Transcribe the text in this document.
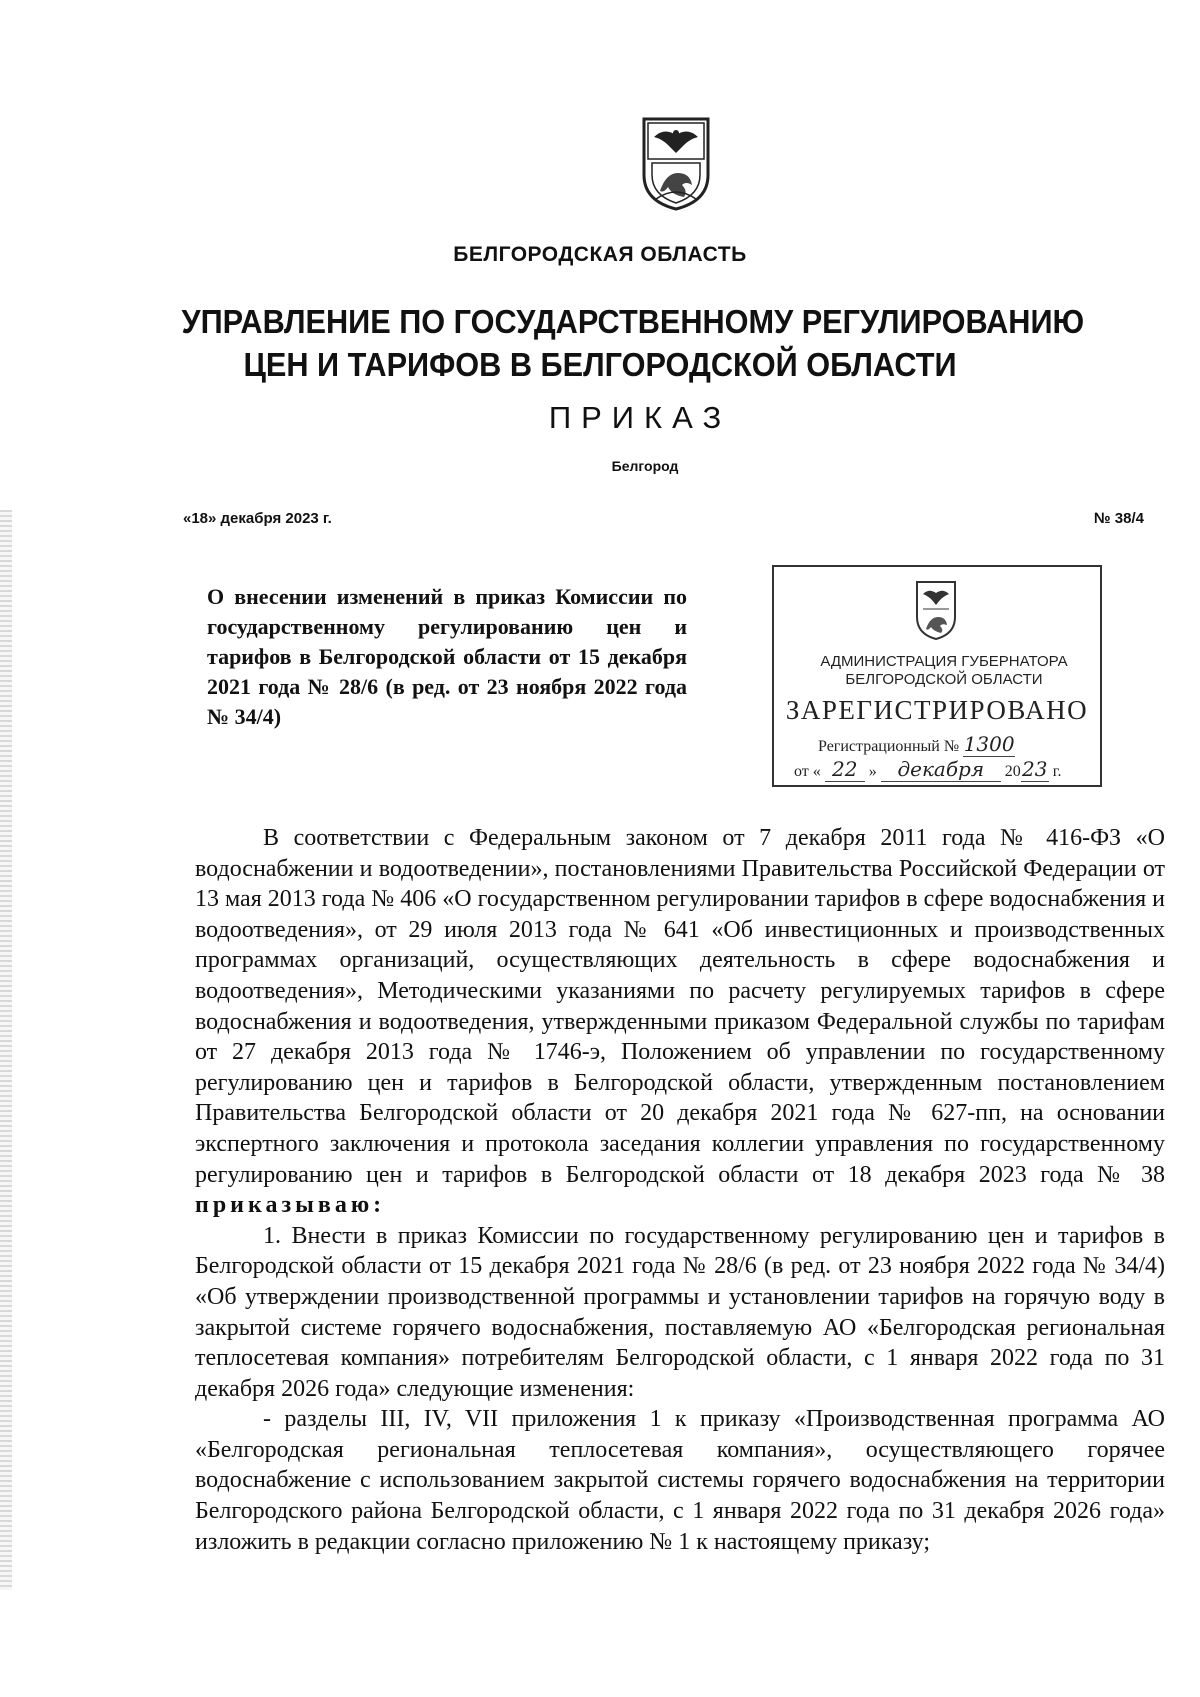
БЕЛГОРОДСКАЯ ОБЛАСТЬ
УПРАВЛЕНИЕ ПО ГОСУДАРСТВЕННОМУ РЕГУЛИРОВАНИЮ
ЦЕН И ТАРИФОВ В БЕЛГОРОДСКОЙ ОБЛАСТИ
ПРИКАЗ
Белгород
«18» декабря 2023 г.	№ 38/4
О внесении изменений в приказ Комиссии по государственному регулированию цен и тарифов в Белгородской области от 15 декабря 2021 года № 28/6 (в ред. от 23 ноября 2022 года № 34/4)
АДМИНИСТРАЦИЯ ГУБЕРНАТОРА
БЕЛГОРОДСКОЙ ОБЛАСТИ
ЗАРЕГИСТРИРОВАНО
Регистрационный № 1300
от « 22 » декабря 2023 г.

В соответствии с Федеральным законом от 7 декабря 2011 года № 416-ФЗ «О водоснабжении и водоотведении», постановлениями Правительства Российской Федерации от 13 мая 2013 года № 406 «О государственном регулировании тарифов в сфере водоснабжения и водоотведения», от 29 июля 2013 года № 641 «Об инвестиционных и производственных программах организаций, осуществляющих деятельность в сфере водоснабжения и водоотведения», Методическими указаниями по расчету регулируемых тарифов в сфере водоснабжения и водоотведения, утвержденными приказом Федеральной службы по тарифам от 27 декабря 2013 года № 1746-э, Положением об управлении по государственному регулированию цен и тарифов в Белгородской области, утвержденным постановлением Правительства Белгородской области от 20 декабря 2021 года № 627-пп, на основании экспертного заключения и протокола заседания коллегии управления по государственному регулированию цен и тарифов в Белгородской области от 18 декабря 2023 года № 38 приказываю:

1. Внести в приказ Комиссии по государственному регулированию цен и тарифов в Белгородской области от 15 декабря 2021 года № 28/6 (в ред. от 23 ноября 2022 года № 34/4) «Об утверждении производственной программы и установлении тарифов на горячую воду в закрытой системе горячего водоснабжения, поставляемую АО «Белгородская региональная теплосетевая компания» потребителям Белгородской области, с 1 января 2022 года по 31 декабря 2026 года» следующие изменения:

- разделы III, IV, VII приложения 1 к приказу «Производственная программа АО «Белгородская региональная теплосетевая компания», осуществляющего горячее водоснабжение с использованием закрытой системы горячего водоснабжения на территории Белгородского района Белгородской области, с 1 января 2022 года по 31 декабря 2026 года» изложить в редакции согласно приложению № 1 к настоящему приказу;
